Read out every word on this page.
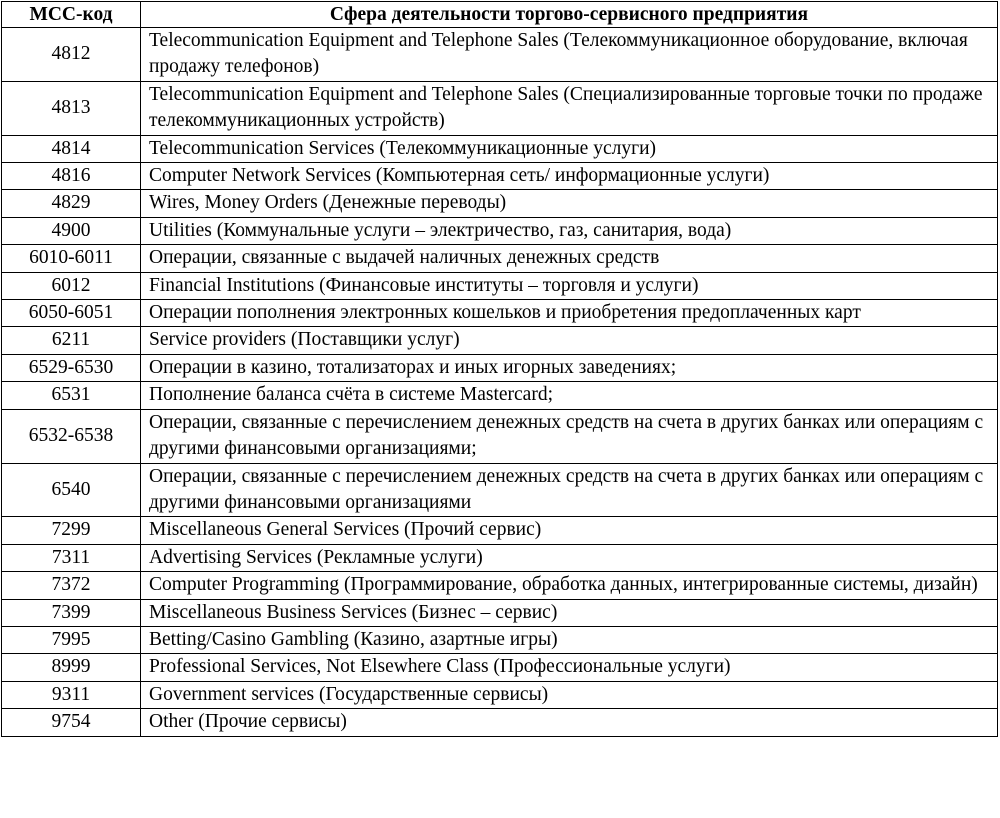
МСС-код	Сфера деятельности торгово-сервисного предприятия
4812	Telecommunication Equipment and Telephone Sales (Телекоммуникационное оборудование, включая продажу телефонов)
4813	Telecommunication Equipment and Telephone Sales (Специализированные торговые точки по продаже телекоммуникационных устройств)
4814	Telecommunication Services (Телекоммуникационные услуги)
4816	Computer Network Services (Компьютерная сеть/ информационные услуги)
4829	Wires, Money Orders (Денежные переводы)
4900	Utilities (Коммунальные услуги – электричество, газ, санитария, вода)
6010-6011	Операции, связанные с выдачей наличных денежных средств
6012	Financial Institutions (Финансовые институты – торговля и услуги)
6050-6051	Операции пополнения электронных кошельков и приобретения предоплаченных карт
6211	Service providers (Поставщики услуг)
6529-6530	Операции в казино, тотализаторах и иных игорных заведениях;
6531	Пополнение баланса счёта в системе Mastercard;
6532-6538	Операции, связанные с перечислением денежных средств на счета в других банках или операциям с другими финансовыми организациями;
6540	Операции, связанные с перечислением денежных средств на счета в других банках или операциям с другими финансовыми организациями
7299	Miscellaneous General Services (Прочий сервис)
7311	Advertising Services (Рекламные услуги)
7372	Computer Programming (Программирование, обработка данных, интегрированные системы, дизайн)
7399	Miscellaneous Business Services (Бизнес – сервис)
7995	Betting/Casino Gambling (Казино, азартные игры)
8999	Professional Services, Not Elsewhere Class (Профессиональные услуги)
9311	Government services (Государственные сервисы)
9754	Other (Прочие сервисы)
